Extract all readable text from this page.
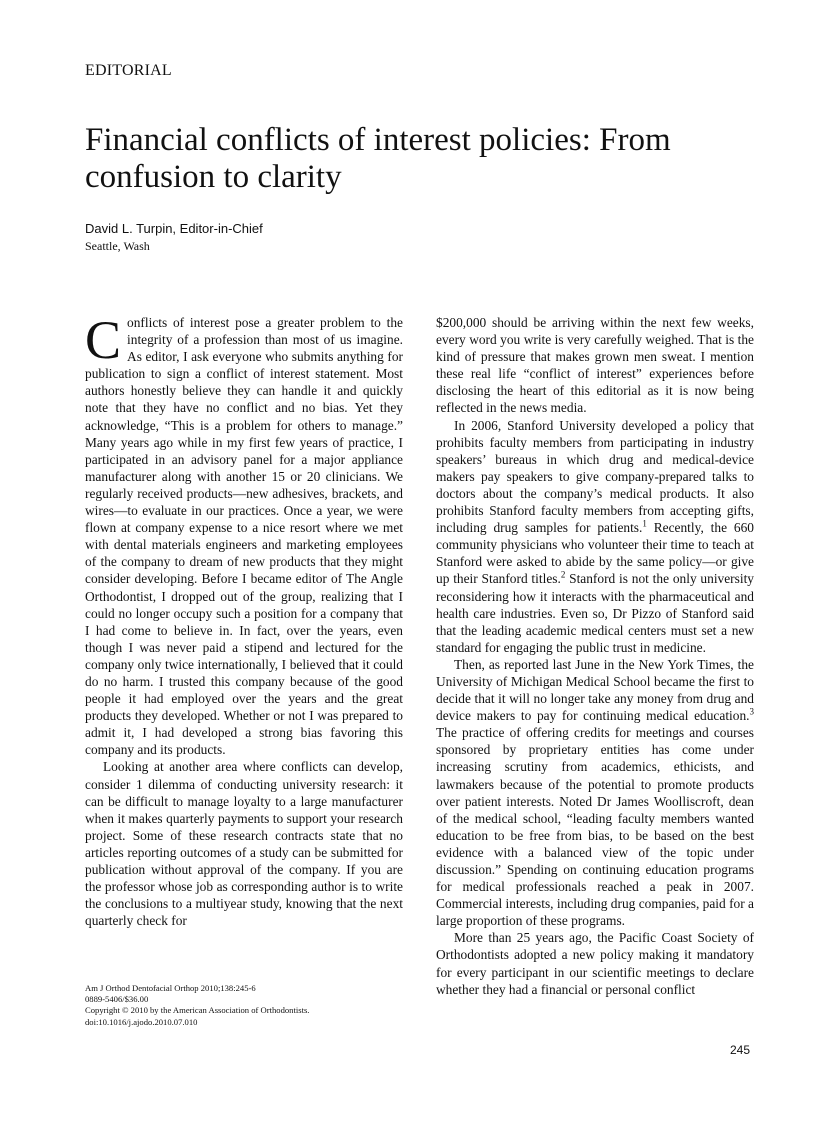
EDITORIAL
Financial conflicts of interest policies: From confusion to clarity
David L. Turpin, Editor-in-Chief
Seattle, Wash

Conflicts of interest pose a greater problem to the integrity of a profession than most of us imagine. As editor, I ask everyone who submits anything for publication to sign a conflict of interest statement. Most authors honestly believe they can handle it and quickly note that they have no conflict and no bias. Yet they acknowledge, “This is a problem for others to manage.” Many years ago while in my first few years of practice, I participated in an advisory panel for a major appliance manufacturer along with another 15 or 20 clinicians. We regularly received products—new adhesives, brackets, and wires—to evaluate in our practices. Once a year, we were flown at company expense to a nice resort where we met with dental materials engineers and marketing employees of the company to dream of new products that they might consider developing. Before I became editor of The Angle Orthodontist, I dropped out of the group, realizing that I could no longer occupy such a position for a company that I had come to believe in. In fact, over the years, even though I was never paid a stipend and lectured for the company only twice internationally, I believed that it could do no harm. I trusted this company because of the good people it had employed over the years and the great products they developed. Whether or not I was prepared to admit it, I had developed a strong bias favoring this company and its products.

Looking at another area where conflicts can develop, consider 1 dilemma of conducting university research: it can be difficult to manage loyalty to a large manufacturer when it makes quarterly payments to support your research project. Some of these research contracts state that no articles reporting outcomes of a study can be submitted for publication without approval of the company. If you are the professor whose job as corresponding author is to write the conclusions to a multiyear study, knowing that the next quarterly check for

$200,000 should be arriving within the next few weeks, every word you write is very carefully weighed. That is the kind of pressure that makes grown men sweat. I mention these real life “conflict of interest” experiences before disclosing the heart of this editorial as it is now being reflected in the news media.

In 2006, Stanford University developed a policy that prohibits faculty members from participating in industry speakers’ bureaus in which drug and medical-device makers pay speakers to give company-prepared talks to doctors about the company’s medical products. It also prohibits Stanford faculty members from accepting gifts, including drug samples for patients.$^1$ Recently, the 660 community physicians who volunteer their time to teach at Stanford were asked to abide by the same policy—or give up their Stanford titles.$^2$ Stanford is not the only university reconsidering how it interacts with the pharmaceutical and health care industries. Even so, Dr Pizzo of Stanford said that the leading academic medical centers must set a new standard for engaging the public trust in medicine.

Then, as reported last June in the New York Times, the University of Michigan Medical School became the first to decide that it will no longer take any money from drug and device makers to pay for continuing medical education.$^3$ The practice of offering credits for meetings and courses sponsored by proprietary entities has come under increasing scrutiny from academics, ethicists, and lawmakers because of the potential to promote products over patient interests. Noted Dr James Woolliscroft, dean of the medical school, “leading faculty members wanted education to be free from bias, to be based on the best evidence with a balanced view of the topic under discussion.” Spending on continuing education programs for medical professionals reached a peak in 2007. Commercial interests, including drug companies, paid for a large proportion of these programs.

More than 25 years ago, the Pacific Coast Society of Orthodontists adopted a new policy making it mandatory for every participant in our scientific meetings to declare whether they had a financial or personal conflict

Am J Orthod Dentofacial Orthop 2010;138:245-6
0889-5406/$36.00
Copyright © 2010 by the American Association of Orthodontists.
doi:10.1016/j.ajodo.2010.07.010
245
